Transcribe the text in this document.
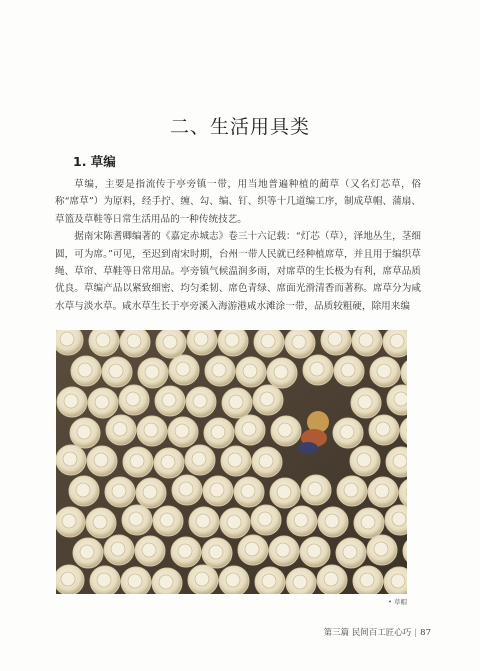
二、生活用具类
1. 草编

草编，主要是指流传于亭旁镇一带，用当地普遍种植的蔺草（又名灯芯草，俗称“席草”）为原料，经手拧、缠、勾、编、钉、织等十几道编工序，制成草帽、蒲扇、草篮及草鞋等日常生活用品的一种传统技艺。

据南宋陈耆卿编著的《嘉定赤城志》卷三十六记载：“灯芯（草），泽地丛生，茎细圆，可为席。”可见，至迟到南宋时期，台州一带人民就已经种植席草，并且用于编织草绳、草帘、草鞋等日常用品。亭旁镇气候温润多雨，对席草的生长极为有利，席草品质优良。草编产品以紧致细密、均匀柔韧、席色青绿、席面光滑清香而著称。席草分为咸水草与淡水草。咸水草生长于亭旁溪入海游港咸水滩涂一带，品质较粗硬，除用来编

• 草帽
第三篇 民间百工匠心巧 | 87
